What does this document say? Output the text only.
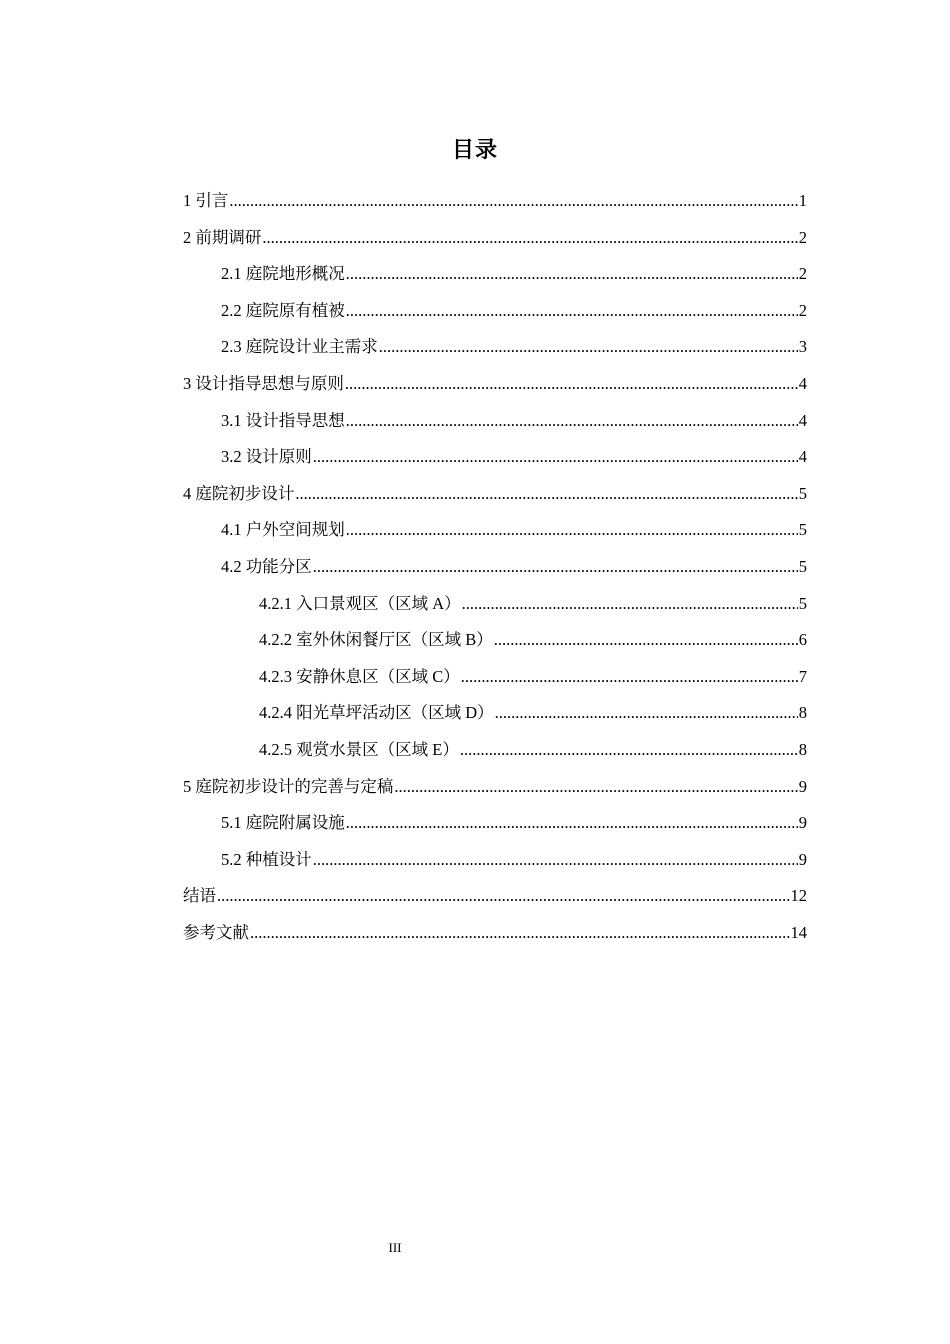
目录
1 引言 .....	1
2 前期调研 .....	2
2.1 庭院地形概况 .....	2
2.2 庭院原有植被 .....	2
2.3 庭院设计业主需求 .....	3
3 设计指导思想与原则 .....	4
3.1 设计指导思想 .....	4
3.2 设计原则 .....	4
4 庭院初步设计 .....	5
4.1 户外空间规划 .....	5
4.2 功能分区 .....	5
4.2.1 入口景观区（区域 A） .....	5
4.2.2 室外休闲餐厅区（区域 B） .....	6
4.2.3 安静休息区（区域 C） .....	7
4.2.4 阳光草坪活动区（区域 D） .....	8
4.2.5 观赏水景区（区域 E） .....	8
5 庭院初步设计的完善与定稿 .....	9
5.1 庭院附属设施 .....	9
5.2 种植设计 .....	9
结语 .....	12
参考文献 .....	14
III
